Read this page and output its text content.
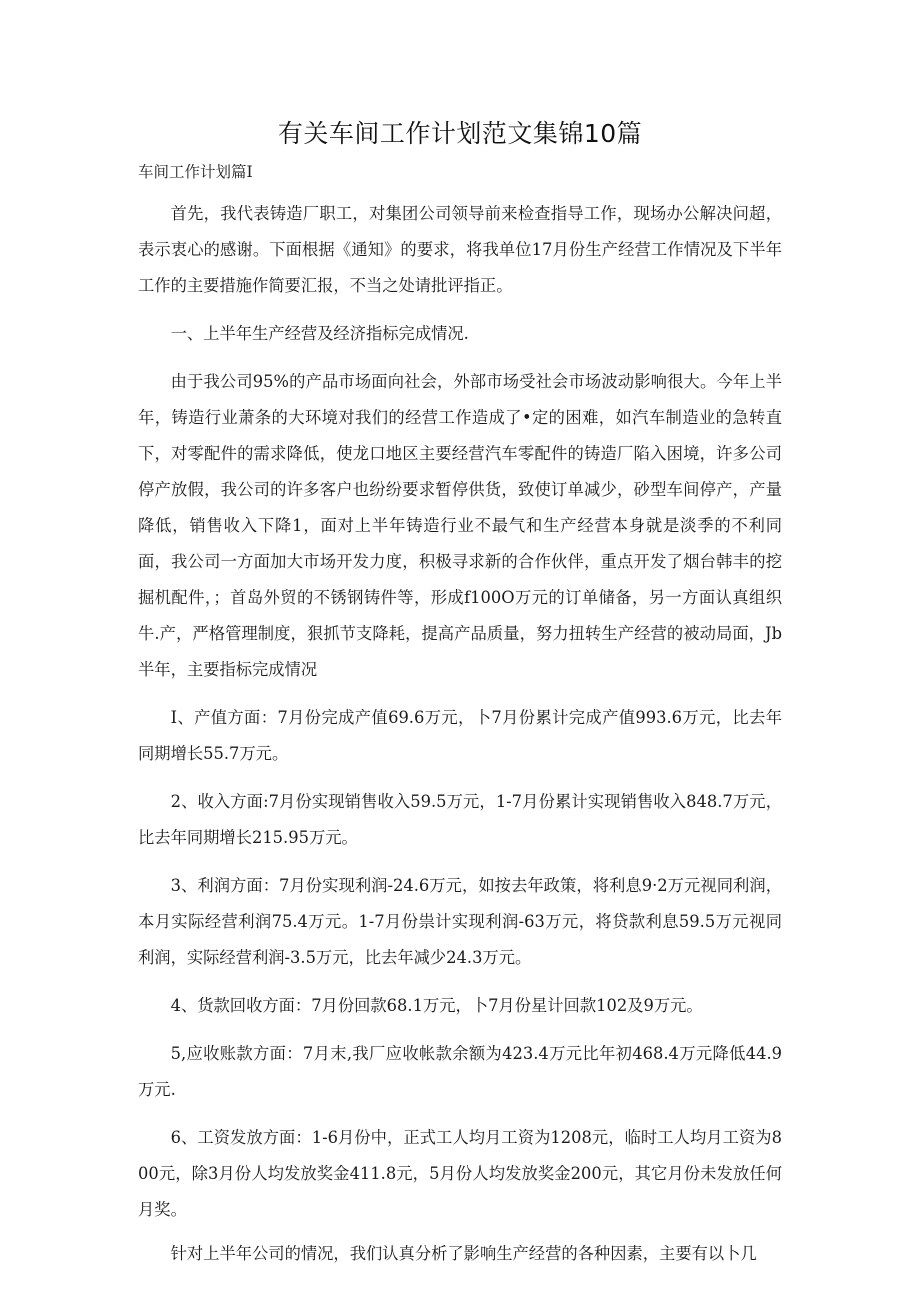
有关车间工作计划范文集锦10篇
车间工作计划篇I

首先，我代表铸造厂职工，对集团公司领导前来检查指导工作，现场办公解决问超，表示衷心的感谢。下面根据《通知》的要求，将我单位17月份生产经营工作情况及下半年工作的主要措施作简要汇报，不当之处请批评指正。

一、上半年生产经营及经济指标完成情况.

由于我公司95%的产品市场面向社会，外部市场受社会市场波动影响很大。今年上半年，铸造行业萧条的大环境对我们的经营工作造成了•定的困难，如汽车制造业的急转直下，对零配件的需求降低，使龙口地区主要经营汽车零配件的铸造厂陷入困境，许多公司停产放假，我公司的许多客户也纷纷要求暂停供货，致使订单减少，砂型车间停产，产量降低，销售收入下降1，面对上半年铸造行业不最气和生产经营本身就是淡季的不利同面，我公司一方面加大市场开发力度，积极寻求新的合作伙伴，重点开发了烟台韩丰的挖掘机配件，；首岛外贸的不锈钢铸件等，形成f100O万元的订单储备，另一方面认真组织牛.产，严格管理制度，狠抓节支降耗，提高产品质量，努力扭转生产经营的被动局面，Jb半年，主要指标完成情况

I、产值方面：7月份完成产值69.6万元，卜7月份累计完成产值993.6万元，比去年同期增长55.7万元。

2、收入方面:7月份实现销售收入59.5万元，1-7月份累计实现销售收入848.7万元，比去年同期增长215.95万元。

3、利润方面：7月份实现利润-24.6万元，如按去年政策，将利息9·2万元视同利润，本月实际经营利润75.4万元。1-7月份祟计实现利润-63万元，将贷款利息59.5万元视同利润，实际经营利润-3.5万元，比去年减少24.3万元。

4、货款回收方面：7月份回款68.1万元，卜7月份星计回款102及9万元。

5,应收账款方面：7月末,我厂应收帐款余额为423.4万元比年初468.4万元降低44.9万元.

6、工资发放方面：1-6月份中，正式工人均月工资为1208元，临时工人均月工资为800元，除3月份人均发放奖金411.8元，5月份人均发放奖金200元，其它月份未发放任何月奖。

针对上半年公司的情况，我们认真分析了影响生产经营的各种因素，主要有以卜几
